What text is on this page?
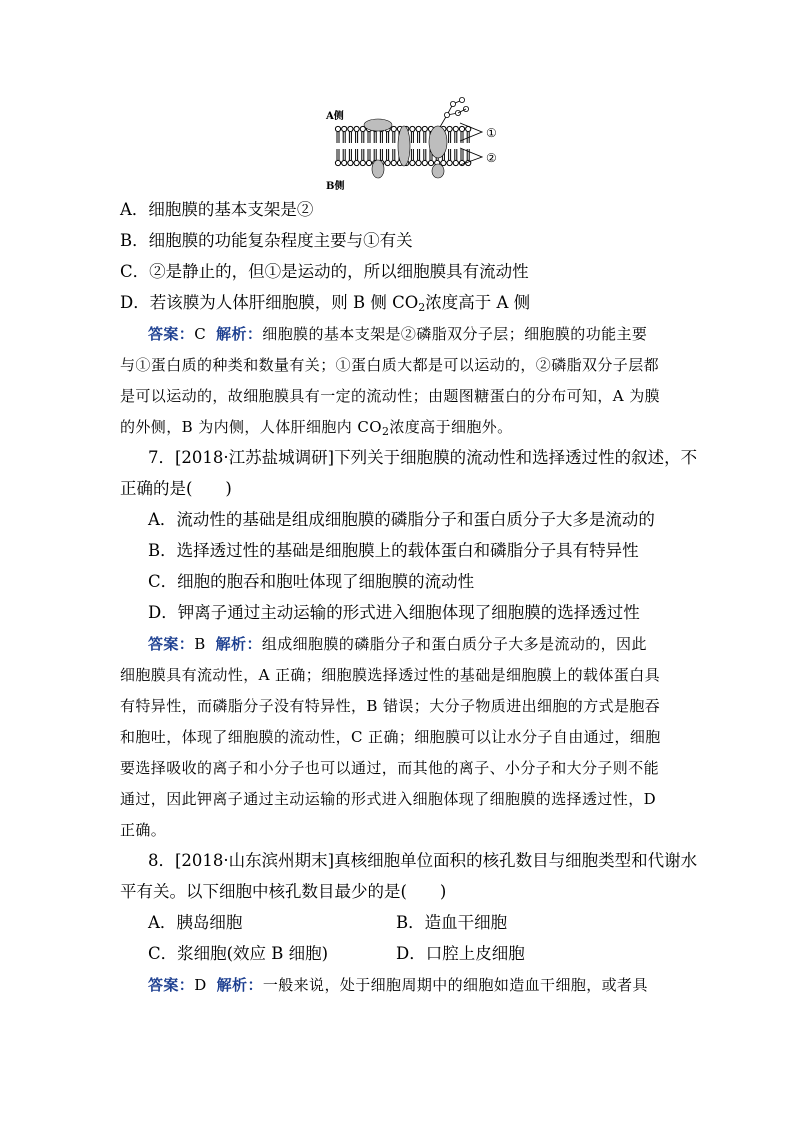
A侧
B侧
①
②
A．细胞膜的基本支架是②
B．细胞膜的功能复杂程度主要与①有关
C．②是静止的，但①是运动的，所以细胞膜具有流动性
D．若该膜为人体肝细胞膜，则 B 侧 $CO_2$浓度高于 A 侧
答案：C 解析：细胞膜的基本支架是②磷脂双分子层；细胞膜的功能主要
与①蛋白质的种类和数量有关；①蛋白质大都是可以运动的，②磷脂双分子层都
是可以运动的，故细胞膜具有一定的流动性；由题图糖蛋白的分布可知，A 为膜
的外侧，B 为内侧，人体肝细胞内 $CO_2$浓度高于细胞外。
7．[2018·江苏盐城调研]下列关于细胞膜的流动性和选择透过性的叙述，不
正确的是(　　)
A．流动性的基础是组成细胞膜的磷脂分子和蛋白质分子大多是流动的
B．选择透过性的基础是细胞膜上的载体蛋白和磷脂分子具有特异性
C．细胞的胞吞和胞吐体现了细胞膜的流动性
D．钾离子通过主动运输的形式进入细胞体现了细胞膜的选择透过性
答案：B 解析：组成细胞膜的磷脂分子和蛋白质分子大多是流动的，因此
细胞膜具有流动性，A 正确；细胞膜选择透过性的基础是细胞膜上的载体蛋白具
有特异性，而磷脂分子没有特异性，B 错误；大分子物质进出细胞的方式是胞吞
和胞吐，体现了细胞膜的流动性，C 正确；细胞膜可以让水分子自由通过，细胞
要选择吸收的离子和小分子也可以通过，而其他的离子、小分子和大分子则不能
通过，因此钾离子通过主动运输的形式进入细胞体现了细胞膜的选择透过性，D
正确。
8．[2018·山东滨州期末]真核细胞单位面积的核孔数目与细胞类型和代谢水
平有关。以下细胞中核孔数目最少的是(　　)
A．胰岛细胞	B．造血干细胞
C．浆细胞(效应 B 细胞)	D．口腔上皮细胞
答案：D 解析：一般来说，处于细胞周期中的细胞如造血干细胞，或者具
